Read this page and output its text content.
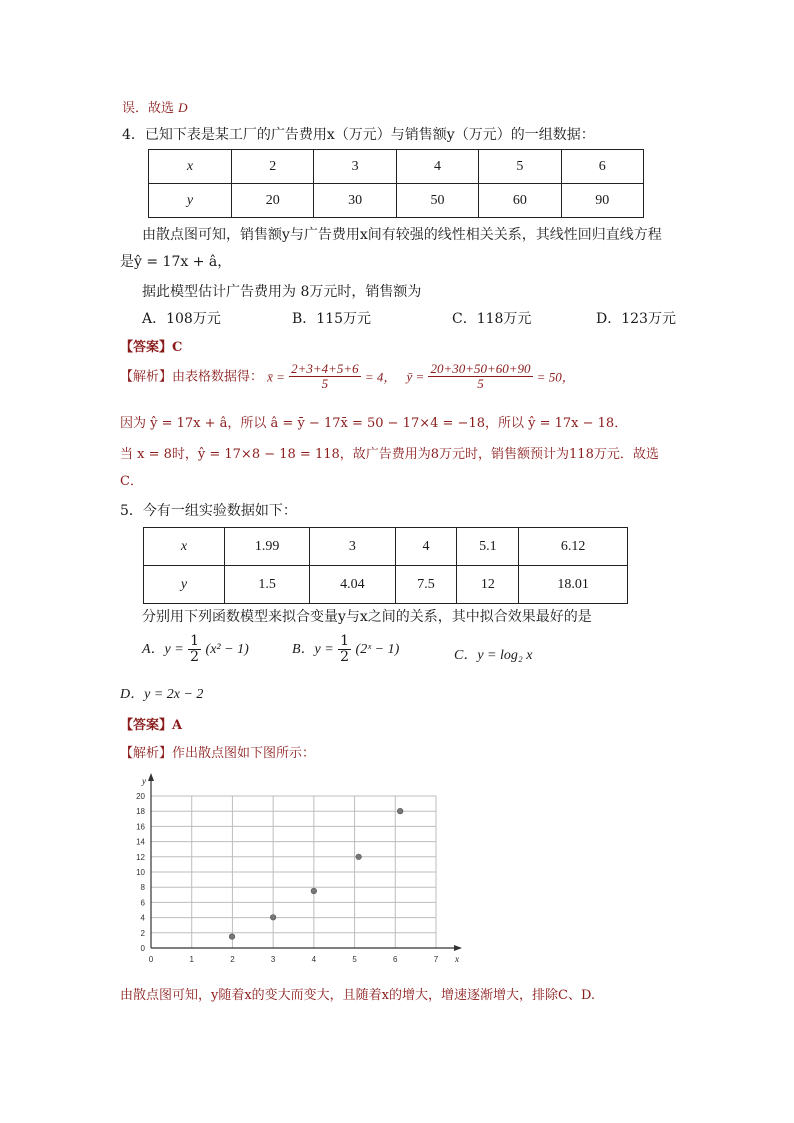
误．故选 D
4．已知下表是某工厂的广告费用x（万元）与销售额y（万元）的一组数据：
x	2	3	4	5	6
y	20	30	50	60	90
由散点图可知，销售额y与广告费用x间有较强的线性相关关系，其线性回归直线方程
是ŷ = 17x + â，
据此模型估计广告费用为 8万元时，销售额为
A．108万元	B．115万元	C．118万元	D．123万元
【答案】C
【解析】由表格数据得： x̄ = $\frac{2+3+4+5+6}{5} = 4$， ȳ = $\frac{20+30+50+60+90}{5} = 50$，
因为 ŷ = 17x + â，所以 â = ȳ − 17x̄ = 50 − 17×4 = −18，所以 ŷ = 17x − 18．
当 x = 8时，ŷ = 17×8 − 18 = 118，故广告费用为8万元时，销售额预计为118万元．故选
C．
5．今有一组实验数据如下：
x	1.99	3	4	5.1	6.12
y	1.5	4.04	7.5	12	18.01
分别用下列函数模型来拟合变量y与x之间的关系，其中拟合效果最好的是
A．$y = \frac{1}{2} (x^2 - 1)$	B．$y = \frac{1}{2}$ (2ˣ − 1)	C．y = log₂ x
D．y = 2x − 2
【答案】A
【解析】作出散点图如下图所示：
0	1	2	3	4	5	6	7
0
2
4
6
8
10
12
14
16
18
20
x
y
由散点图可知，y随着x的变大而变大，且随着x的增大，增速逐渐增大，排除C、D.
